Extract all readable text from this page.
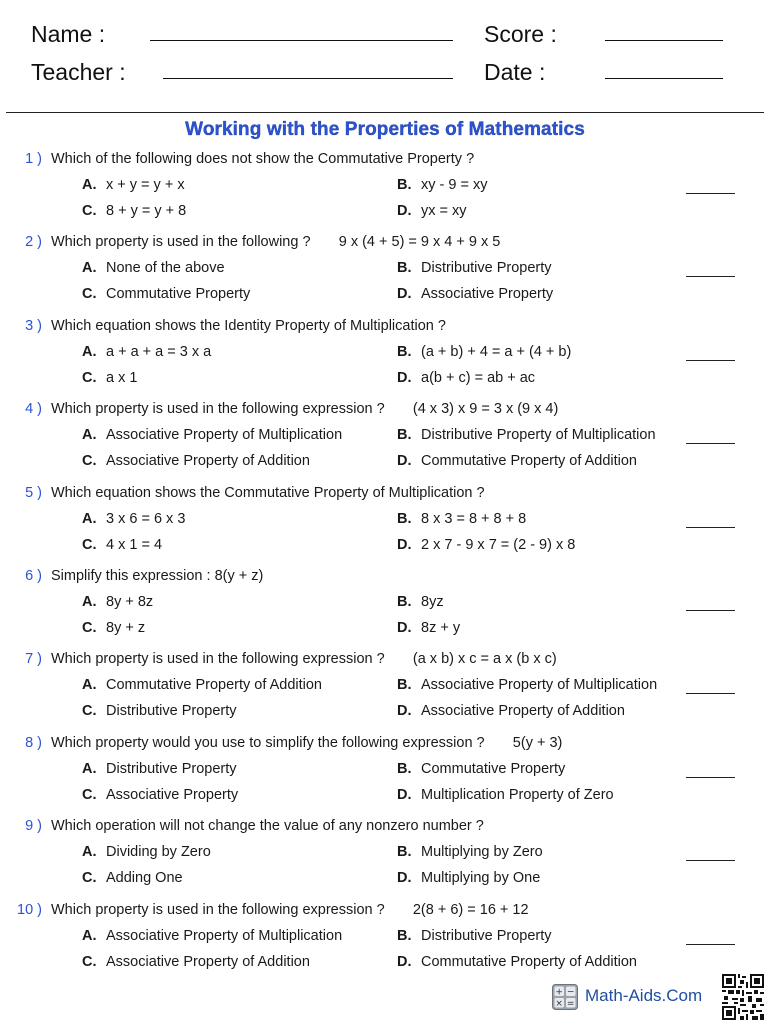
Name :
Teacher :
Score :
Date :
Working with the Properties of Mathematics
1 ) Which of the following does not show the Commutative Property ?
A. x + y = y + x	B. xy - 9 = xy
C. 8 + y = y + 8	D. yx = xy
2 ) Which property is used in the following ?       9 x (4 + 5) = 9 x 4 + 9 x 5
A. None of the above	B. Distributive Property
C. Commutative Property	D. Associative Property
3 ) Which equation shows the Identity Property of Multiplication ?
A. a + a + a = 3 x a	B. (a + b) + 4 = a + (4 + b)
C. a x 1	D. a(b + c) = ab + ac
4 ) Which property is used in the following expression ?       (4 x 3) x 9 = 3 x (9 x 4)
A. Associative Property of Multiplication	B. Distributive Property of Multiplication
C. Associative Property of Addition	D. Commutative Property of Addition
5 ) Which equation shows the Commutative Property of Multiplication ?
A. 3 x 6 = 6 x 3	B. 8 x 3 = 8 + 8 + 8
C. 4 x 1 = 4	D. 2 x 7 - 9 x 7 = (2 - 9) x 8
6 ) Simplify this expression : 8(y + z)
A. 8y + 8z	B. 8yz
C. 8y + z	D. 8z + y
7 ) Which property is used in the following expression ?       (a x b) x c = a x (b x c)
A. Commutative Property of Addition	B. Associative Property of Multiplication
C. Distributive Property	D. Associative Property of Addition
8 ) Which property would you use to simplify the following expression ?       5(y + 3)
A. Distributive Property	B. Commutative Property
C. Associative Property	D. Multiplication Property of Zero
9 ) Which operation will not change the value of any nonzero number ?
A. Dividing by Zero	B. Multiplying by Zero
C. Adding One	D. Multiplying by One
10 ) Which property is used in the following expression ?       2(8 + 6) = 16 + 12
A. Associative Property of Multiplication	B. Distributive Property
C. Associative Property of Addition	D. Commutative Property of Addition
+ −
× = Math-Aids.Com
